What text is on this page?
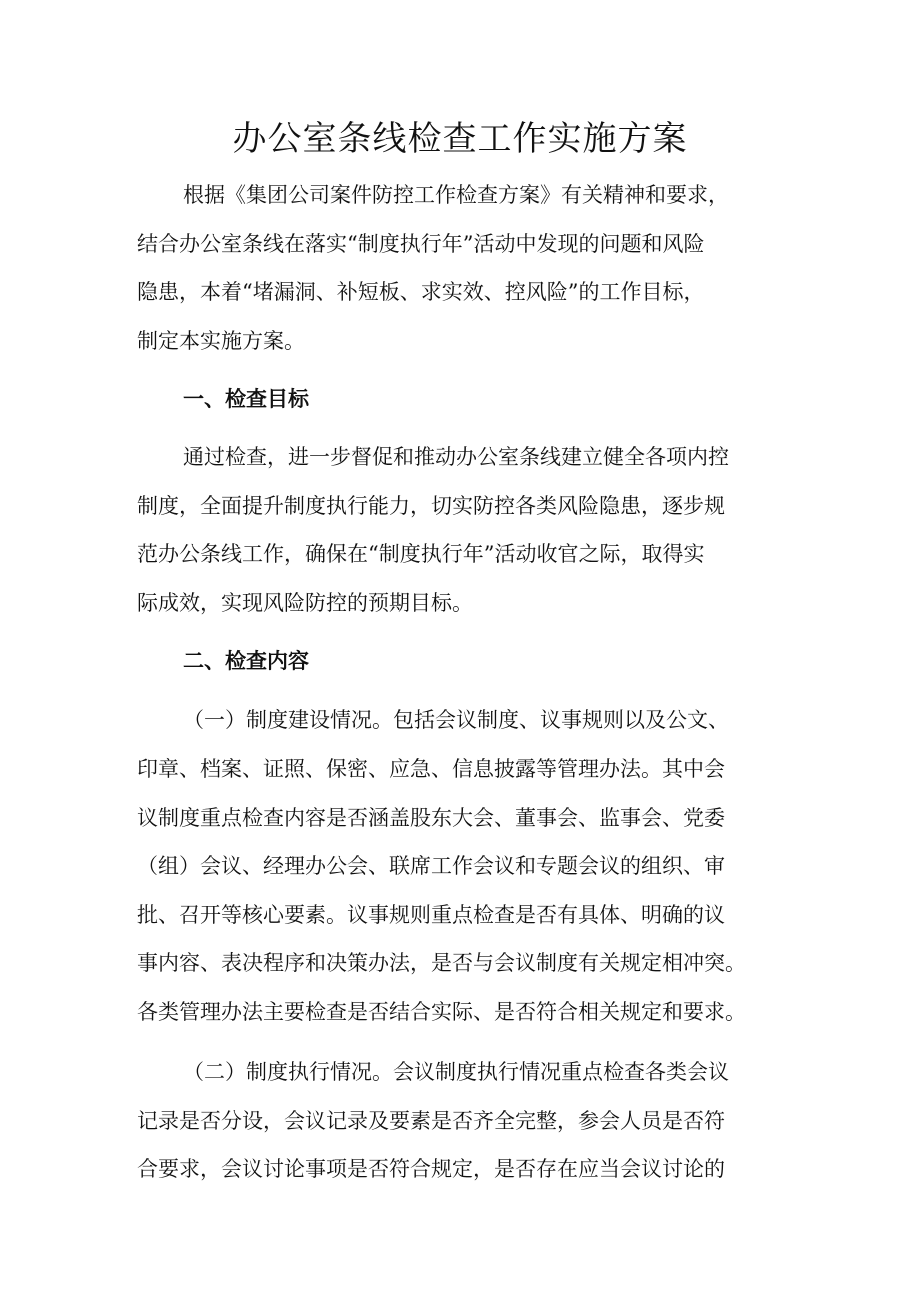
办公室条线检查工作实施方案
根据《集团公司案件防控工作检查方案》有关精神和要求，
结合办公室条线在落实“制度执行年”活动中发现的问题和风险
隐患，本着“堵漏洞、补短板、求实效、控风险”的工作目标，
制定本实施方案。
一、检查目标
通过检查，进一步督促和推动办公室条线建立健全各项内控
制度，全面提升制度执行能力，切实防控各类风险隐患，逐步规
范办公条线工作，确保在“制度执行年”活动收官之际，取得实
际成效，实现风险防控的预期目标。
二、检查内容
（一）制度建设情况。包括会议制度、议事规则以及公文、
印章、档案、证照、保密、应急、信息披露等管理办法。其中会
议制度重点检查内容是否涵盖股东大会、董事会、监事会、党委
（组）会议、经理办公会、联席工作会议和专题会议的组织、审
批、召开等核心要素。议事规则重点检查是否有具体、明确的议
事内容、表决程序和决策办法，是否与会议制度有关规定相冲突。
各类管理办法主要检查是否结合实际、是否符合相关规定和要求。
（二）制度执行情况。会议制度执行情况重点检查各类会议
记录是否分设，会议记录及要素是否齐全完整，参会人员是否符
合要求，会议讨论事项是否符合规定，是否存在应当会议讨论的
